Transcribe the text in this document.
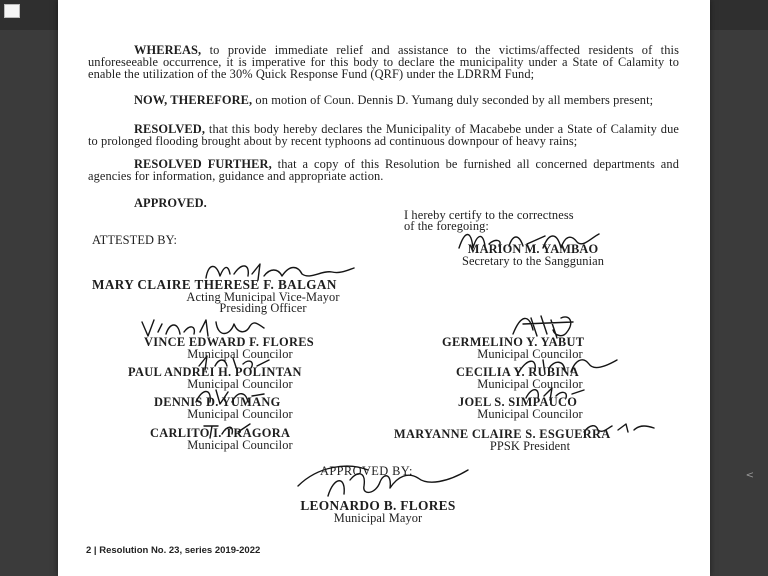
WHEREAS, to provide immediate relief and assistance to the victims/affected residents of this unforeseeable occurrence, it is imperative for this body to declare the municipality under a State of Calamity to enable the utilization of the 30% Quick Response Fund (QRF) under the LDRRM Fund;
NOW, THEREFORE, on motion of Coun. Dennis D. Yumang duly seconded by all members present;
RESOLVED, that this body hereby declares the Municipality of Macabebe under a State of Calamity due to prolonged flooding brought about by recent typhoons ad continuous downpour of heavy rains;
RESOLVED FURTHER, that a copy of this Resolution be furnished all concerned departments and agencies for information, guidance and appropriate action.
APPROVED.
I hereby certify to the correctness
of the foregoing:
MARION M. YAMBAO
Secretary to the Sanggunian
ATTESTED BY:
MARY CLAIRE THERESE F. BALGAN
Acting Municipal Vice-Mayor
Presiding Officer
VINCE EDWARD F. FLORES
Municipal Councilor
GERMELINO Y. YABUT
Municipal Councilor
PAUL ANDREI H. POLINTAN
Municipal Councilor
CECILIA Y. RUBINA
Municipal Councilor
DENNIS D. YUMANG
Municipal Councilor
JOEL S. SIMPAUCO
Municipal Councilor
CARLITO I. TRAGORA
Municipal Councilor
MARYANNE CLAIRE S. ESGUERRA
PPSK President
APPROVED BY:
LEONARDO B. FLORES
Municipal Mayor
2 | Resolution No. 23, series 2019-2022
<
